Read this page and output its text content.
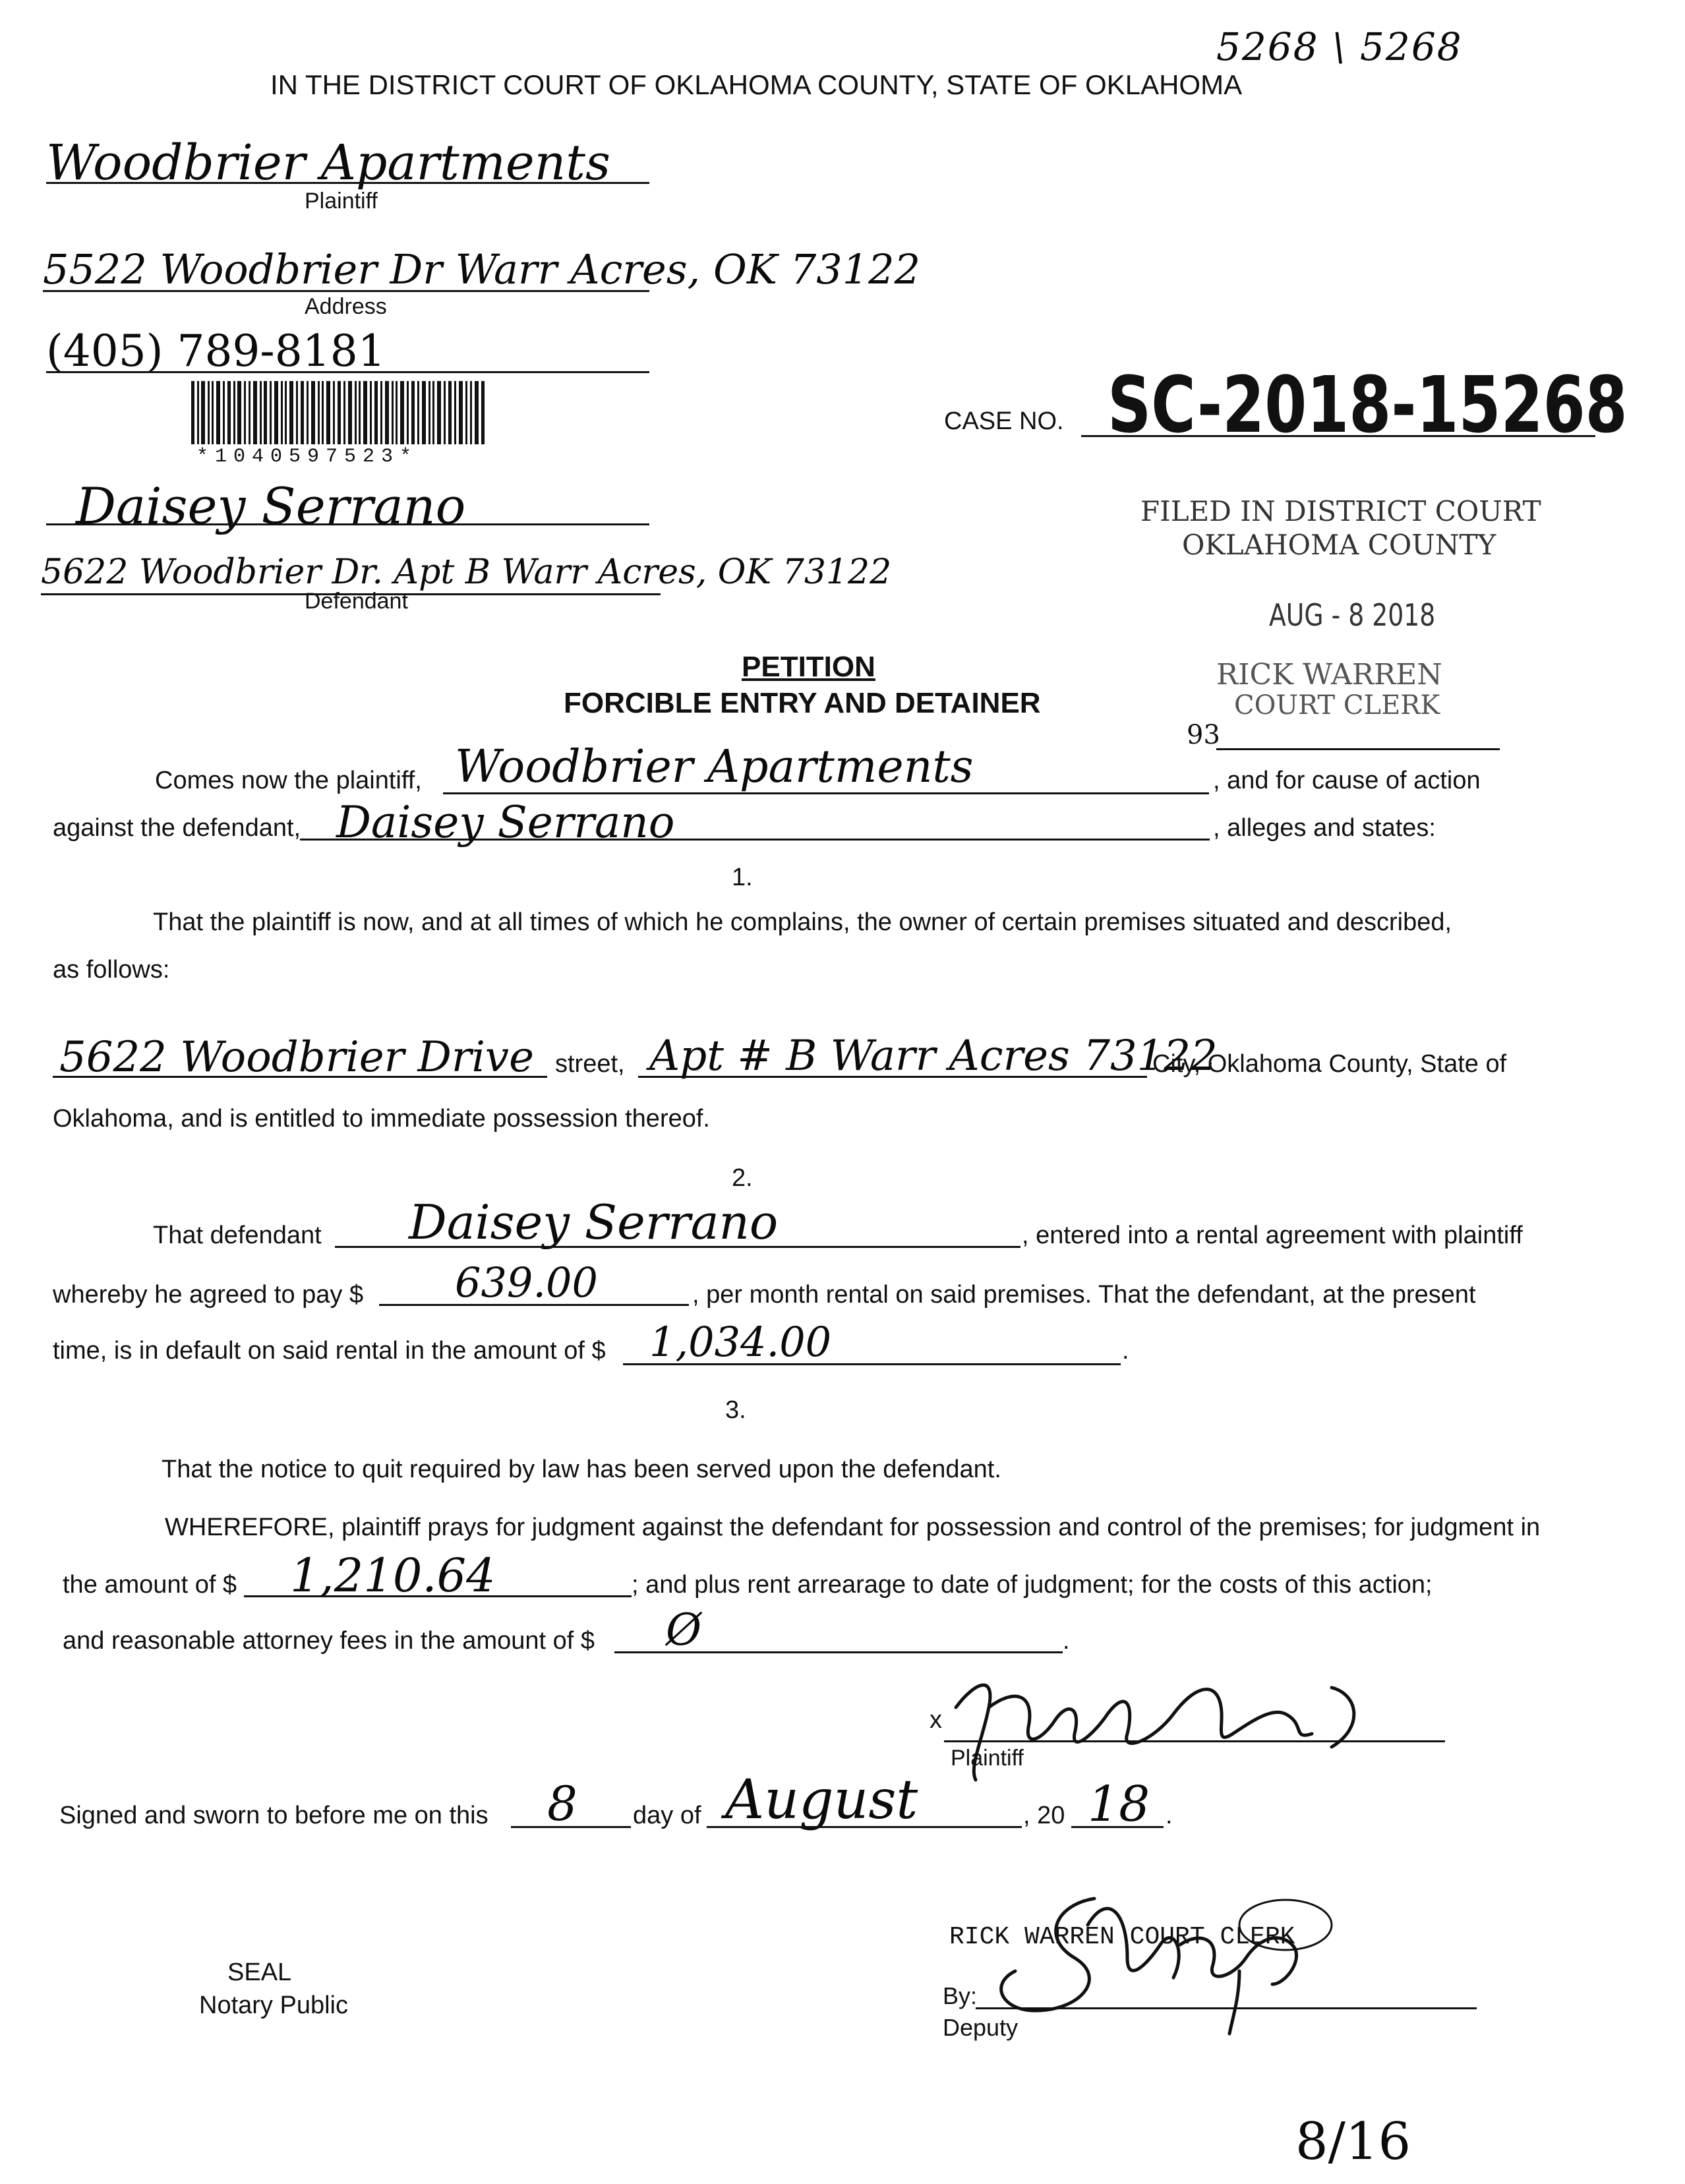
IN THE DISTRICT COURT OF OKLAHOMA COUNTY, STATE OF OKLAHOMA
5268 \ 5268
Woodbrier Apartments
Plaintiff
5522 Woodbrier Dr Warr Acres, OK 73122
Address
(405) 789-8181
*1040597523*
Daisey Serrano
5622 Woodbrier Dr. Apt B Warr Acres, OK 73122
Defendant
CASE NO. SC-2018-15268
FILED IN DISTRICT COURT
OKLAHOMA COUNTY
AUG - 8 2018
RICK WARREN
COURT CLERK
93
PETITION
FORCIBLE ENTRY AND DETAINER
Comes now the plaintiff, Woodbrier Apartments	, and for cause of action
against the defendant, Daisey Serrano	, alleges and states:
1.
That the plaintiff is now, and at all times of which he complains, the owner of certain premises situated and described,
as follows:
5622 Woodbrier Drive street, Apt # B Warr Acres 73122
City, Oklahoma County, State of
Oklahoma, and is entitled to immediate possession thereof.
2.
That defendant Daisey Serrano	, entered into a rental agreement with plaintiff
whereby he agreed to pay $ 639.00	, per month rental on said premises. That the defendant, at the present
time, is in default on said rental in the amount of $ 1,034.00	.
3.
That the notice to quit required by law has been served upon the defendant.
WHEREFORE, plaintiff prays for judgment against the defendant for possession and control of the premises; for judgment in
the amount of $ 1,210.64	; and plus rent arrearage to date of judgment; for the costs of this action;
and reasonable attorney fees in the amount of $ Ø	.
x
Plaintiff
Signed and sworn to before me on this 8 day of August	, 20 18 .
SEAL
Notary Public
RICK WARREN COURT CLERK
By:
Deputy
8/16
